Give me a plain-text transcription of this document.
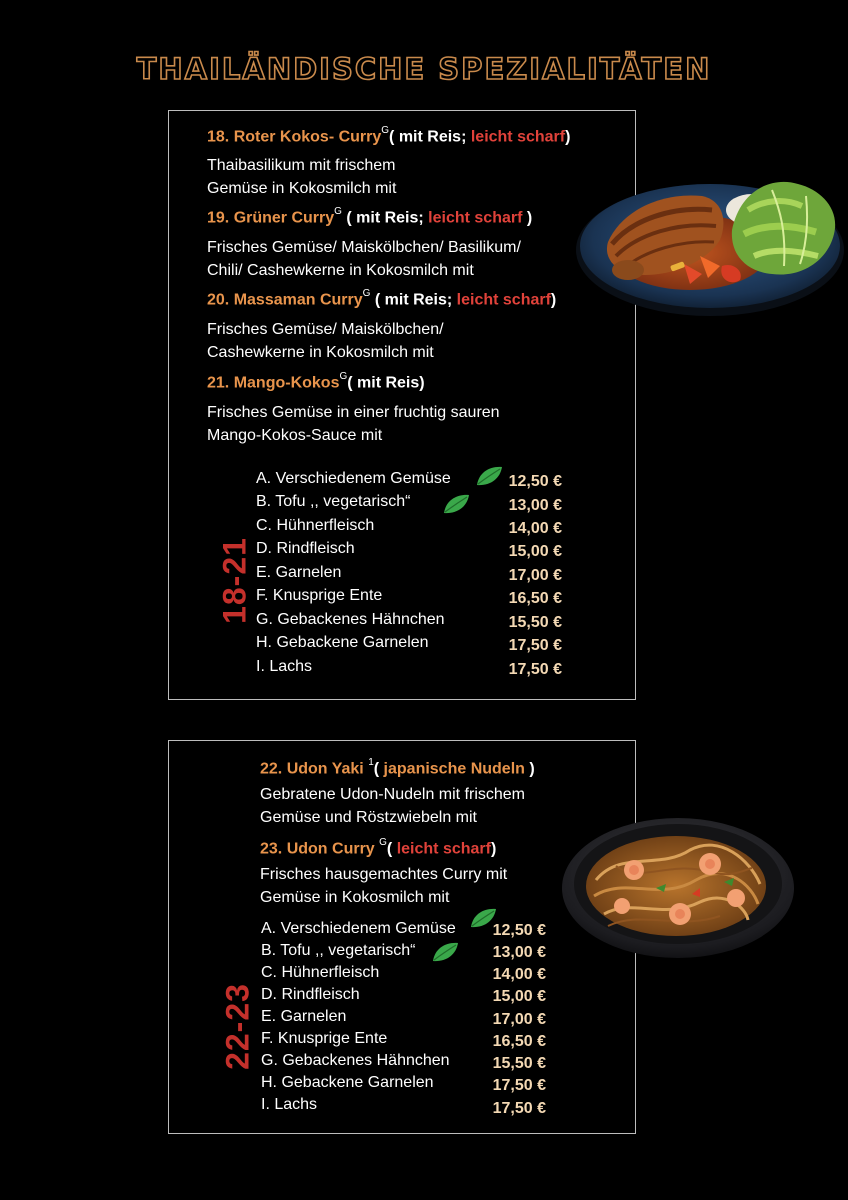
THAILÄNDISCHE SPEZIALITÄTEN
18. Roter Kokos- Curry$^G$( mit Reis; leicht scharf)
Thaibasilikum mit frischem
Gemüse in Kokosmilch mit
19. Grüner Curry$^G$ ( mit Reis; leicht scharf )
Frisches Gemüse/ Maiskölbchen/ Basilikum/
Chili/ Cashewkerne in Kokosmilch mit
20. Massaman Curry$^G$ ( mit Reis; leicht scharf)
Frisches Gemüse/ Maiskölbchen/
Cashewkerne in Kokosmilch mit
21. Mango-Kokos$^G$( mit Reis)
Frisches Gemüse in einer fruchtig sauren
Mango-Kokos-Sauce mit
18-21
A. Verschiedenem Gemüse
B. Tofu ,, vegetarisch“
C. Hühnerfleisch
D. Rindfleisch
E. Garnelen
F. Knusprige Ente
G. Gebackenes Hähnchen
H. Gebackene Garnelen
I. Lachs
12,50 €
13,00 €
14,00 €
15,00 €
17,00 €
16,50 €
15,50 €
17,50 €
17,50 €
22. Udon Yaki $^1$( japanische Nudeln )
Gebratene Udon-Nudeln mit frischem
Gemüse und Röstzwiebeln mit
23. Udon Curry $^G$( leicht scharf)
Frisches hausgemachtes Curry mit
Gemüse in Kokosmilch mit
22-23
A. Verschiedenem Gemüse
B. Tofu ,, vegetarisch“
C. Hühnerfleisch
D. Rindfleisch
E. Garnelen
F. Knusprige Ente
G. Gebackenes Hähnchen
H. Gebackene Garnelen
I. Lachs
12,50 €
13,00 €
14,00 €
15,00 €
17,00 €
16,50 €
15,50 €
17,50 €
17,50 €
